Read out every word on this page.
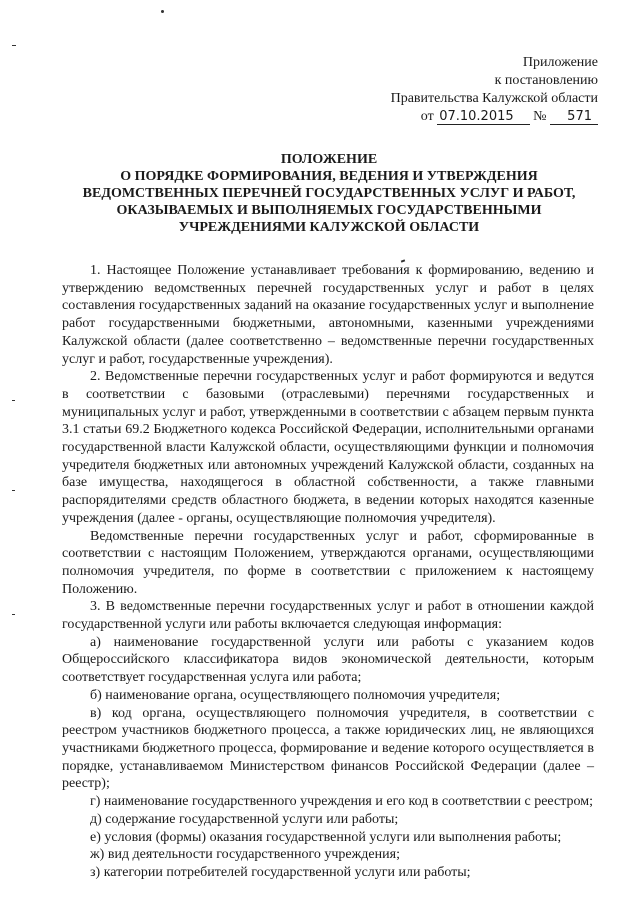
Приложение
к постановлению
Правительства Калужской области
от 07.10.2015 № 571
ПОЛОЖЕНИЕ
О ПОРЯДКЕ ФОРМИРОВАНИЯ, ВЕДЕНИЯ И УТВЕРЖДЕНИЯ
ВЕДОМСТВЕННЫХ ПЕРЕЧНЕЙ ГОСУДАРСТВЕННЫХ УСЛУГ И РАБОТ,
ОКАЗЫВАЕМЫХ И ВЫПОЛНЯЕМЫХ ГОСУДАРСТВЕННЫМИ
УЧРЕЖДЕНИЯМИ КАЛУЖСКОЙ ОБЛАСТИ

1. Настоящее Положение устанавливает требования к формированию, ведению и утверждению ведомственных перечней государственных услуг и работ в целях составления государственных заданий на оказание государственных услуг и выполнение работ государственными бюджетными, автономными, казенными учреждениями Калужской области (далее соответственно – ведомственные перечни государственных услуг и работ, государственные учреждения).

2. Ведомственные перечни государственных услуг и работ формируются и ведутся в соответствии с базовыми (отраслевыми) перечнями государственных и муниципальных услуг и работ, утвержденными в соответствии с абзацем первым пункта 3.1 статьи 69.2 Бюджетного кодекса Российской Федерации, исполнительными органами государственной власти Калужской области, осуществляющими функции и полномочия учредителя бюджетных или автономных учреждений Калужской области, созданных на базе имущества, находящегося в областной собственности, а также главными распорядителями средств областного бюджета, в ведении которых находятся казенные учреждения (далее - органы, осуществляющие полномочия учредителя).

Ведомственные перечни государственных услуг и работ, сформированные в соответствии с настоящим Положением, утверждаются органами, осуществляющими полномочия учредителя, по форме в соответствии с приложением к настоящему Положению.

3. В ведомственные перечни государственных услуг и работ в отношении каждой государственной услуги или работы включается следующая информация:

а) наименование государственной услуги или работы с указанием кодов Общероссийского классификатора видов экономической деятельности, которым соответствует государственная услуга или работа;

б) наименование органа, осуществляющего полномочия учредителя;

в) код органа, осуществляющего полномочия учредителя, в соответствии с реестром участников бюджетного процесса, а также юридических лиц, не являющихся участниками бюджетного процесса, формирование и ведение которого осуществляется в порядке, устанавливаемом Министерством финансов Российской Федерации (далее – реестр);

г) наименование государственного учреждения и его код в соответствии с реестром;

д) содержание государственной услуги или работы;

е) условия (формы) оказания государственной услуги или выполнения работы;

ж) вид деятельности государственного учреждения;

з) категории потребителей государственной услуги или работы;
